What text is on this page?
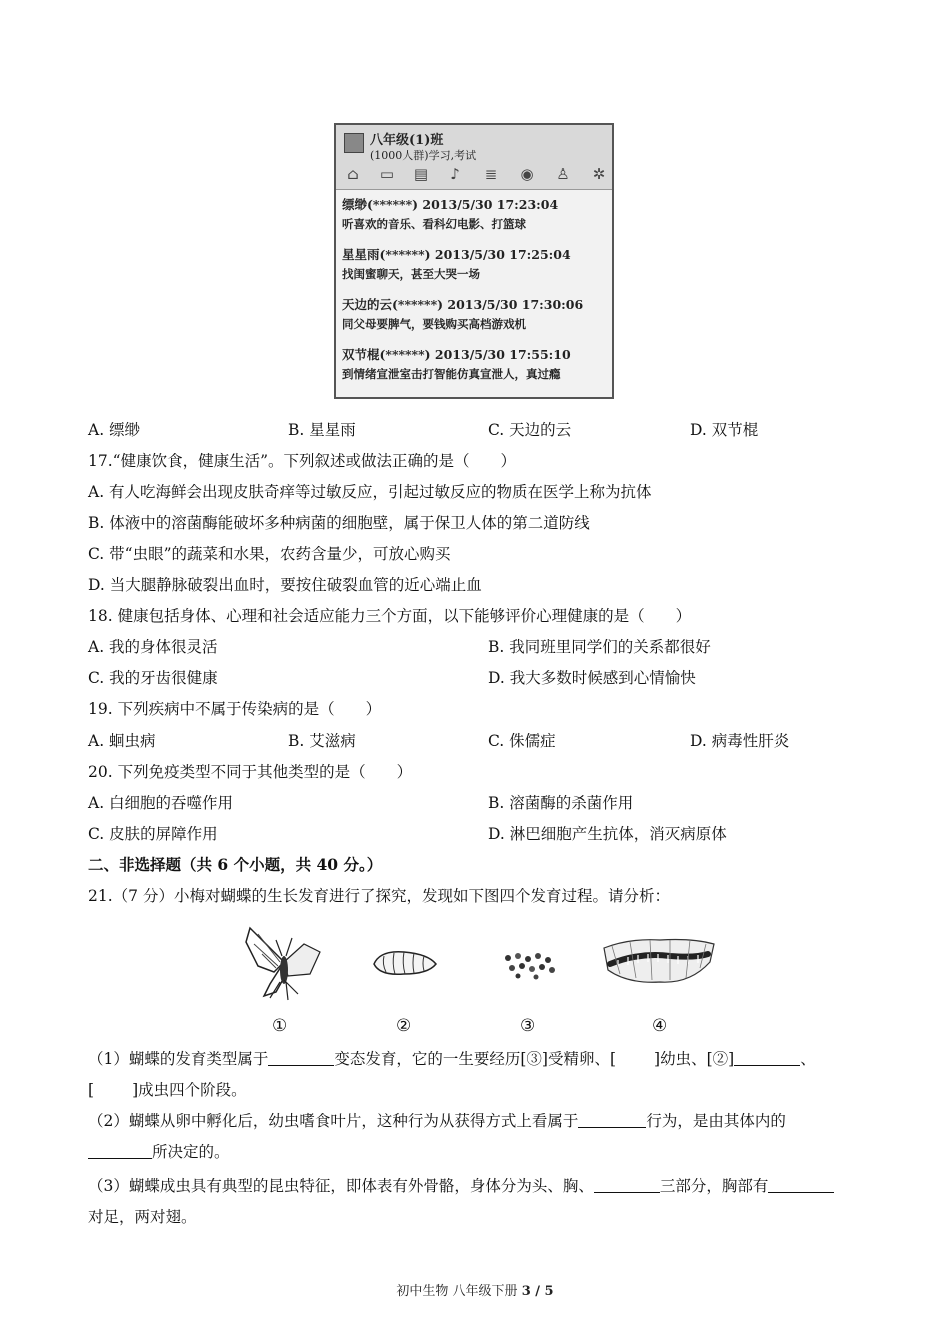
八年级(1)班
(1000人群)学习,考试
⌂ ▭ ▤ ♪ ≣ ◉ ♙ ✲
缥缈(******) 2013/5/30 17:23:04
听喜欢的音乐、看科幻电影、打篮球
星星雨(******) 2013/5/30 17:25:04
找闺蜜聊天，甚至大哭一场
天边的云(******) 2013/5/30 17:30:06
同父母要脾气，要钱购买高档游戏机
双节棍(******) 2013/5/30 17:55:10
到情绪宣泄室击打智能仿真宣泄人，真过瘾
A. 缥缈	B. 星星雨	C. 天边的云	D. 双节棍
17.“健康饮食，健康生活”。下列叙述或做法正确的是（　　）
A. 有人吃海鲜会出现皮肤奇痒等过敏反应，引起过敏反应的物质在医学上称为抗体
B. 体液中的溶菌酶能破坏多种病菌的细胞壁，属于保卫人体的第二道防线
C. 带“虫眼”的蔬菜和水果，农药含量少，可放心购买
D. 当大腿静脉破裂出血时，要按住破裂血管的近心端止血
18. 健康包括身体、心理和社会适应能力三个方面，以下能够评价心理健康的是（　　）
A. 我的身体很灵活	B. 我同班里同学们的关系都很好
C. 我的牙齿很健康	D. 我大多数时候感到心情愉快
19. 下列疾病中不属于传染病的是（　　）
A. 蛔虫病	B. 艾滋病	C. 侏儒症	D. 病毒性肝炎
20. 下列免疫类型不同于其他类型的是（　　）
A. 白细胞的吞噬作用	B. 溶菌酶的杀菌作用
C. 皮肤的屏障作用	D. 淋巴细胞产生抗体，消灭病原体
二、非选择题（共 6 个小题，共 40 分。）
21.（7 分）小梅对蝴蝶的生长发育进行了探究，发现如下图四个发育过程。请分析：
①	②	③	④
（1）蝴蝶的发育类型属于	变态发育，它的一生要经历[③]受精卵、[ ]幼虫、[②]	、
[ ]成虫四个阶段。
（2）蝴蝶从卵中孵化后，幼虫嗜食叶片，这种行为从获得方式上看属于	行为，是由其体内的
所决定的。
（3）蝴蝶成虫具有典型的昆虫特征，即体表有外骨骼，身体分为头、胸、	三部分，胸部有
对足，两对翅。
初中生物 八年级下册 3 / 5
